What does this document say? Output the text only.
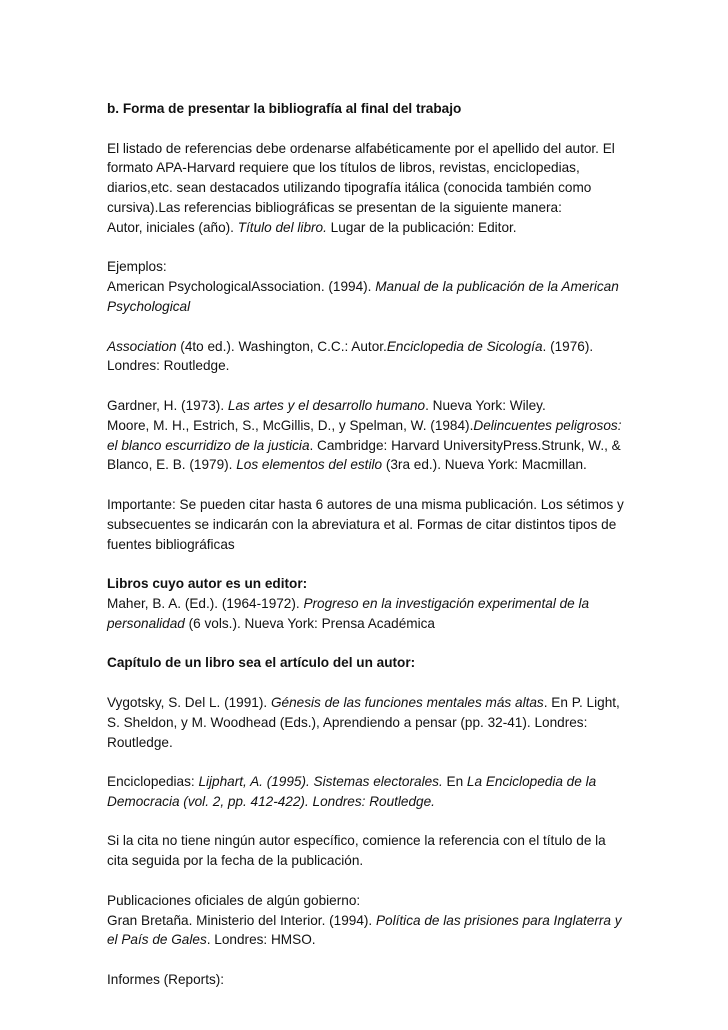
b. Forma de presentar la bibliografía al final del trabajo

El listado de referencias debe ordenarse alfabéticamente por el apellido del autor. El formato APA-Harvard requiere que los títulos de libros, revistas, enciclopedias, diarios,etc. sean destacados utilizando tipografía itálica (conocida también como cursiva).Las referencias bibliográficas se presentan de la siguiente manera:
Autor, iniciales (año). Título del libro. Lugar de la publicación: Editor.

Ejemplos:
American PsychologicalAssociation. (1994). Manual de la publicación de la American Psychological

Association (4to ed.). Washington, C.C.: Autor.Enciclopedia de Sicología. (1976). Londres: Routledge.

Gardner, H. (1973). Las artes y el desarrollo humano. Nueva York: Wiley.
Moore, M. H., Estrich, S., McGillis, D., y Spelman, W. (1984).Delincuentes peligrosos: el blanco escurridizo de la justicia. Cambridge: Harvard UniversityPress.Strunk, W., & Blanco, E. B. (1979). Los elementos del estilo (3ra ed.). Nueva York: Macmillan.

Importante: Se pueden citar hasta 6 autores de una misma publicación. Los sétimos y subsecuentes se indicarán con la abreviatura et al. Formas de citar distintos tipos de fuentes bibliográficas

Libros cuyo autor es un editor:
Maher, B. A. (Ed.). (1964-1972). Progreso en la investigación experimental de la personalidad (6 vols.). Nueva York: Prensa Académica

Capítulo de un libro sea el artículo del un autor:

Vygotsky, S. Del L. (1991). Génesis de las funciones mentales más altas. En P. Light, S. Sheldon, y M. Woodhead (Eds.), Aprendiendo a pensar (pp. 32-41). Londres: Routledge.

Enciclopedias: Lijphart, A. (1995). Sistemas electorales. En La Enciclopedia de la Democracia (vol. 2, pp. 412-422). Londres: Routledge.

Si la cita no tiene ningún autor específico, comience la referencia con el título de la cita seguida por la fecha de la publicación.

Publicaciones oficiales de algún gobierno:
Gran Bretaña. Ministerio del Interior. (1994). Política de las prisiones para Inglaterra y el País de Gales. Londres: HMSO.

Informes (Reports):
